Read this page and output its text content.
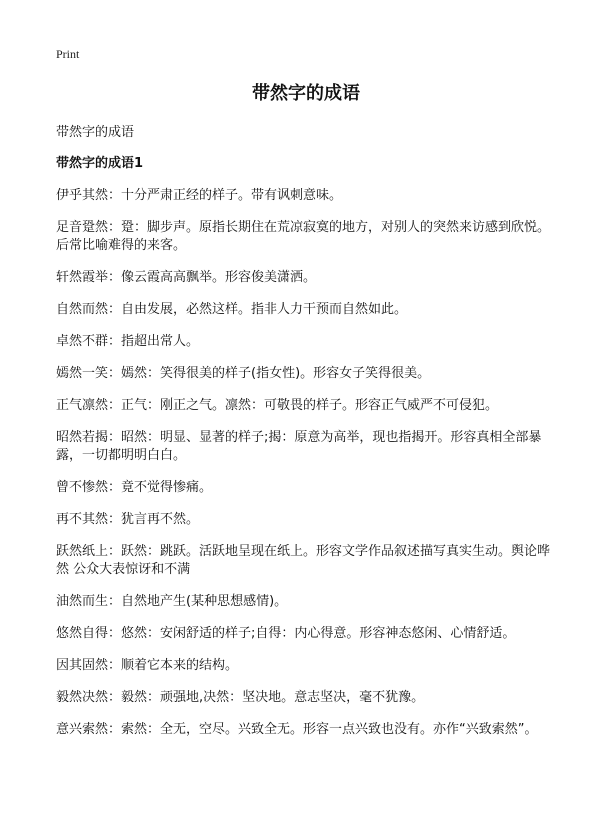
Print

带然字的成语

带然字的成语

带然字的成语1

伊乎其然：十分严肃正经的样子。带有讽刺意味。
足音跫然：跫：脚步声。原指长期住在荒凉寂寞的地方，对别人的突然来访感到欣悦。后常比喻难得的来客。
轩然霞举：像云霞高高飘举。形容俊美潇洒。
自然而然：自由发展，必然这样。指非人力干预而自然如此。
卓然不群：指超出常人。
嫣然一笑：嫣然：笑得很美的样子(指女性)。形容女子笑得很美。
正气凛然：正气：刚正之气。凛然：可敬畏的样子。形容正气威严不可侵犯。
昭然若揭：昭然：明显、显著的样子;揭：原意为高举，现也指揭开。形容真相全部暴露，一切都明明白白。
曾不惨然：竟不觉得惨痛。
再不其然：犹言再不然。
跃然纸上：跃然：跳跃。活跃地呈现在纸上。形容文学作品叙述描写真实生动。舆论哗然 公众大表惊讶和不满
油然而生：自然地产生(某种思想感情)。
悠然自得：悠然：安闲舒适的样子;自得：内心得意。形容神态悠闲、心情舒适。
因其固然：顺着它本来的结构。
毅然决然：毅然：顽强地,决然：坚决地。意志坚决，毫不犹豫。
意兴索然：索然：全无，空尽。兴致全无。形容一点兴致也没有。亦作“兴致索然”。
